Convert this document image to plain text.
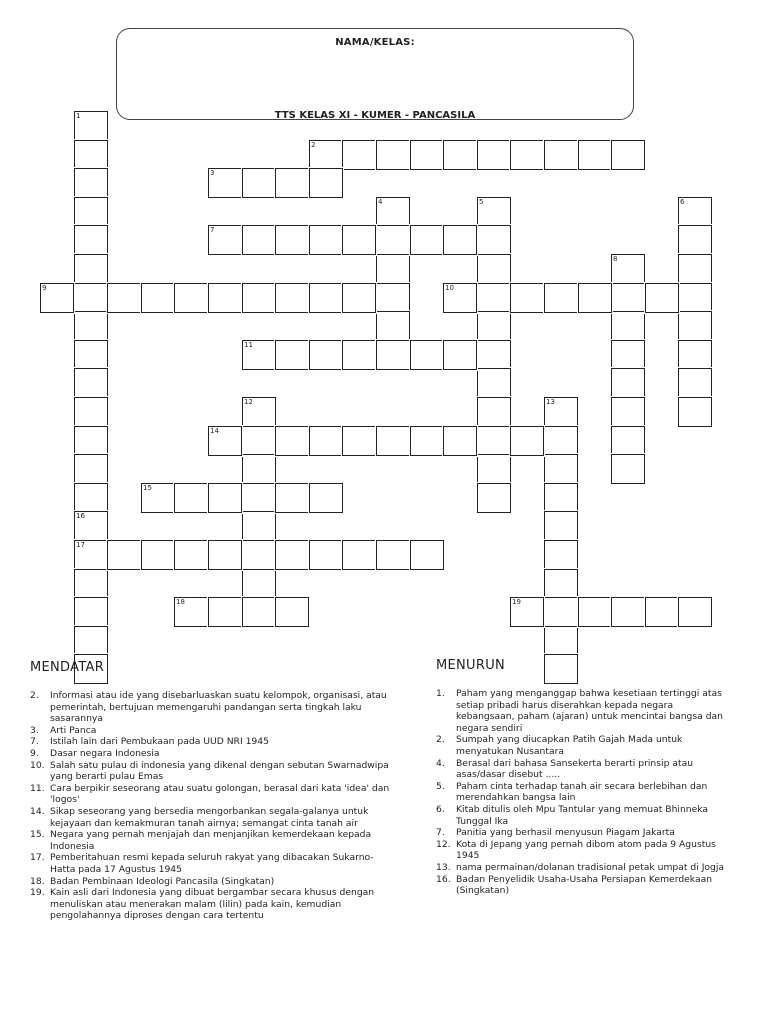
NAMA/KELAS:
TTS KELAS XI - KUMER - PANCASILA
1
16
17
2
3
4	5	6
7
8
9	10
11
12	13
14
15
18	19
MENDATAR
2.	Informasi atau ide yang disebarluaskan suatu kelompok, organisasi, atau pemerintah, bertujuan memengaruhi pandangan serta tingkah laku sasarannya
3.	Arti Panca
7.	Istilah lain dari Pembukaan pada UUD NRI 1945
9.	Dasar negara Indonesia
10. Salah satu pulau di indonesia yang dikenal dengan sebutan Swarnadwipa yang berarti pulau Emas
11. Cara berpikir seseorang atau suatu golongan, berasal dari kata 'idea' dan 'logos'
14. Sikap seseorang yang bersedia mengorbankan segala-galanya untuk kejayaan dan kemakmuran tanah airnya; semangat cinta tanah air
15. Negara yang pernah menjajah dan menjanjikan kemerdekaan kepada Indonesia
17. Pemberitahuan resmi kepada seluruh rakyat yang dibacakan Sukarno-Hatta pada 17 Agustus 1945
18. Badan Pembinaan Ideologi Pancasila (Singkatan)
19. Kain asli dari Indonesia yang dibuat bergambar secara khusus dengan menuliskan atau menerakan malam (lilin) pada kain, kemudian pengolahannya diproses dengan cara tertentu
MENURUN
1.	Paham yang menganggap bahwa kesetiaan tertinggi atas setiap pribadi harus diserahkan kepada negara kebangsaan, paham (ajaran) untuk mencintai bangsa dan negara sendiri
2.	Sumpah yang diucapkan Patih Gajah Mada untuk menyatukan Nusantara
4.	Berasal dari bahasa Sansekerta berarti prinsip atau asas/dasar disebut .....
5.	Paham cinta terhadap tanah air secara berlebihan dan merendahkan bangsa lain
6.	Kitab ditulis oleh Mpu Tantular yang memuat Bhinneka Tunggal Ika
7.	Panitia yang berhasil menyusun Piagam Jakarta
12. Kota di Jepang yang pernah dibom atom pada 9 Agustus 1945
13. nama permainan/dolanan tradisional petak umpat di Jogja
16. Badan Penyelidik Usaha-Usaha Persiapan Kemerdekaan (Singkatan)
